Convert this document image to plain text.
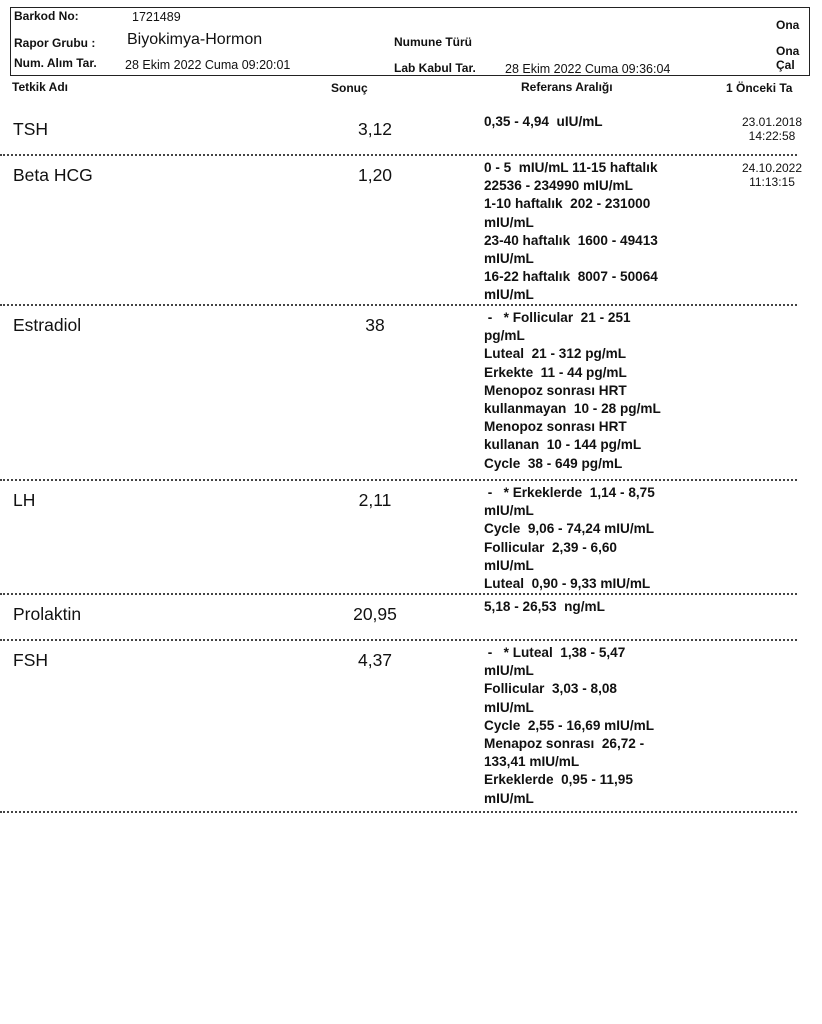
Barkod No:	1721489
Rapor Grubu : Biyokimya-Hormon
Num. Alım Tar. 28 Ekim 2022 Cuma 09:20:01
Numune Türü
Lab Kabul Tar. 28 Ekim 2022 Cuma 09:36:04
Ona
Ona
Çal
Tetkik Adı	Sonuç	Referans Aralığı	1 Önceki Ta
TSH	3,12	0,35 - 4,94  uIU/mL	23.01.2018
14:22:58
Beta HCG	1,20	0 - 5  mIU/mL 11-15 haftalık
22536 - 234990 mIU/mL
1-10 haftalık  202 - 231000
mIU/mL
23-40 haftalık  1600 - 49413
mIU/mL
16-22 haftalık  8007 - 50064
mIU/mL
24.10.2022
11:13:15
Estradiol	38	-   * Follicular  21 - 251
pg/mL
Luteal  21 - 312 pg/mL
Erkekte  11 - 44 pg/mL
Menopoz sonrası HRT
kullanmayan  10 - 28 pg/mL
Menopoz sonrası HRT
kullanan  10 - 144 pg/mL
Cycle  38 - 649 pg/mL
LH	2,11	-   * Erkeklerde  1,14 - 8,75
mIU/mL
Cycle  9,06 - 74,24 mIU/mL
Follicular  2,39 - 6,60
mIU/mL
Luteal  0,90 - 9,33 mIU/mL
Prolaktin	20,95	5,18 - 26,53  ng/mL
FSH	4,37	-   * Luteal  1,38 - 5,47
mIU/mL
Follicular  3,03 - 8,08
mIU/mL
Cycle  2,55 - 16,69 mIU/mL
Menapoz sonrası  26,72 -
133,41 mIU/mL
Erkeklerde  0,95 - 11,95
mIU/mL
